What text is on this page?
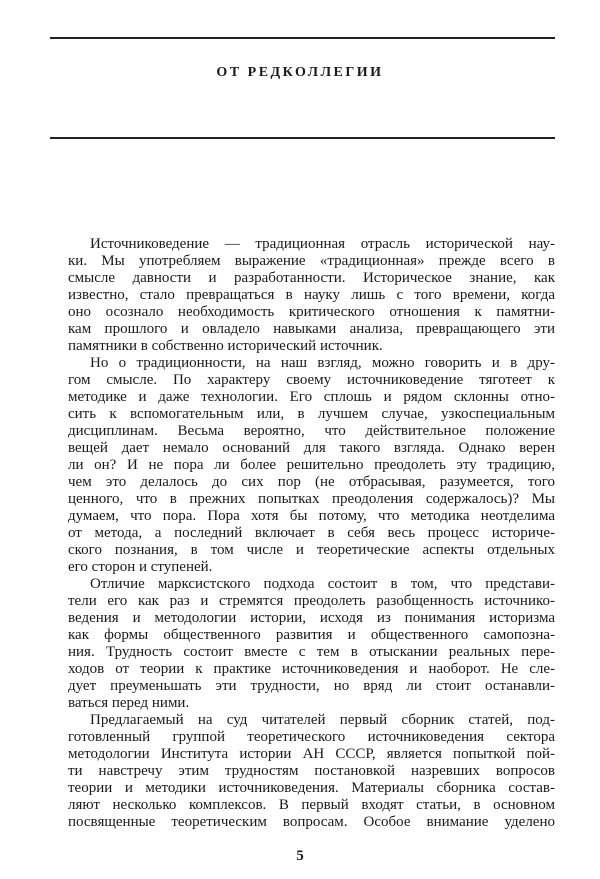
ОТ РЕДКОЛЛЕГИИ
Источниковедение — традиционная отрасль исторической нау-
ки. Мы употребляем выражение «традиционная» прежде всего в
смысле давности и разработанности. Историческое знание, как
известно, стало превращаться в науку лишь с того времени, когда
оно осознало необходимость критического отношения к памятни-
кам прошлого и овладело навыками анализа, превращающего эти
памятники в собственно исторический источник.
Но о традиционности, на наш взгляд, можно говорить и в дру-
гом смысле. По характеру своему источниковедение тяготеет к
методике и даже технологии. Его сплошь и рядом склонны отно-
сить к вспомогательным или, в лучшем случае, узкоспециальным
дисциплинам. Весьма вероятно, что действительное положение
вещей дает немало оснований для такого взгляда. Однако верен
ли он? И не пора ли более решительно преодолеть эту традицию,
чем это делалось до сих пор (не отбрасывая, разумеется, того
ценного, что в прежних попытках преодоления содержалось)? Мы
думаем, что пора. Пора хотя бы потому, что методика неотделима
от метода, а последний включает в себя весь процесс историче-
ского познания, в том числе и теоретические аспекты отдельных
его сторон и ступеней.
Отличие марксистского подхода состоит в том, что представи-
тели его как раз и стремятся преодолеть разобщенность источнико-
ведения и методологии истории, исходя из понимания историзма
как формы общественного развития и общественного самопозна-
ния. Трудность состоит вместе с тем в отыскании реальных пере-
ходов от теории к практике источниковедения и наоборот. Не сле-
дует преуменьшать эти трудности, но вряд ли стоит останавли-
ваться перед ними.
Предлагаемый на суд читателей первый сборник статей, под-
готовленный группой теоретического источниковедения сектора
методологии Института истории АН СССР, является попыткой пой-
ти навстречу этим трудностям постановкой назревших вопросов
теории и методики источниковедения. Материалы сборника состав-
ляют несколько комплексов. В первый входят статьи, в основном
посвященные теоретическим вопросам. Особое внимание уделено
5
